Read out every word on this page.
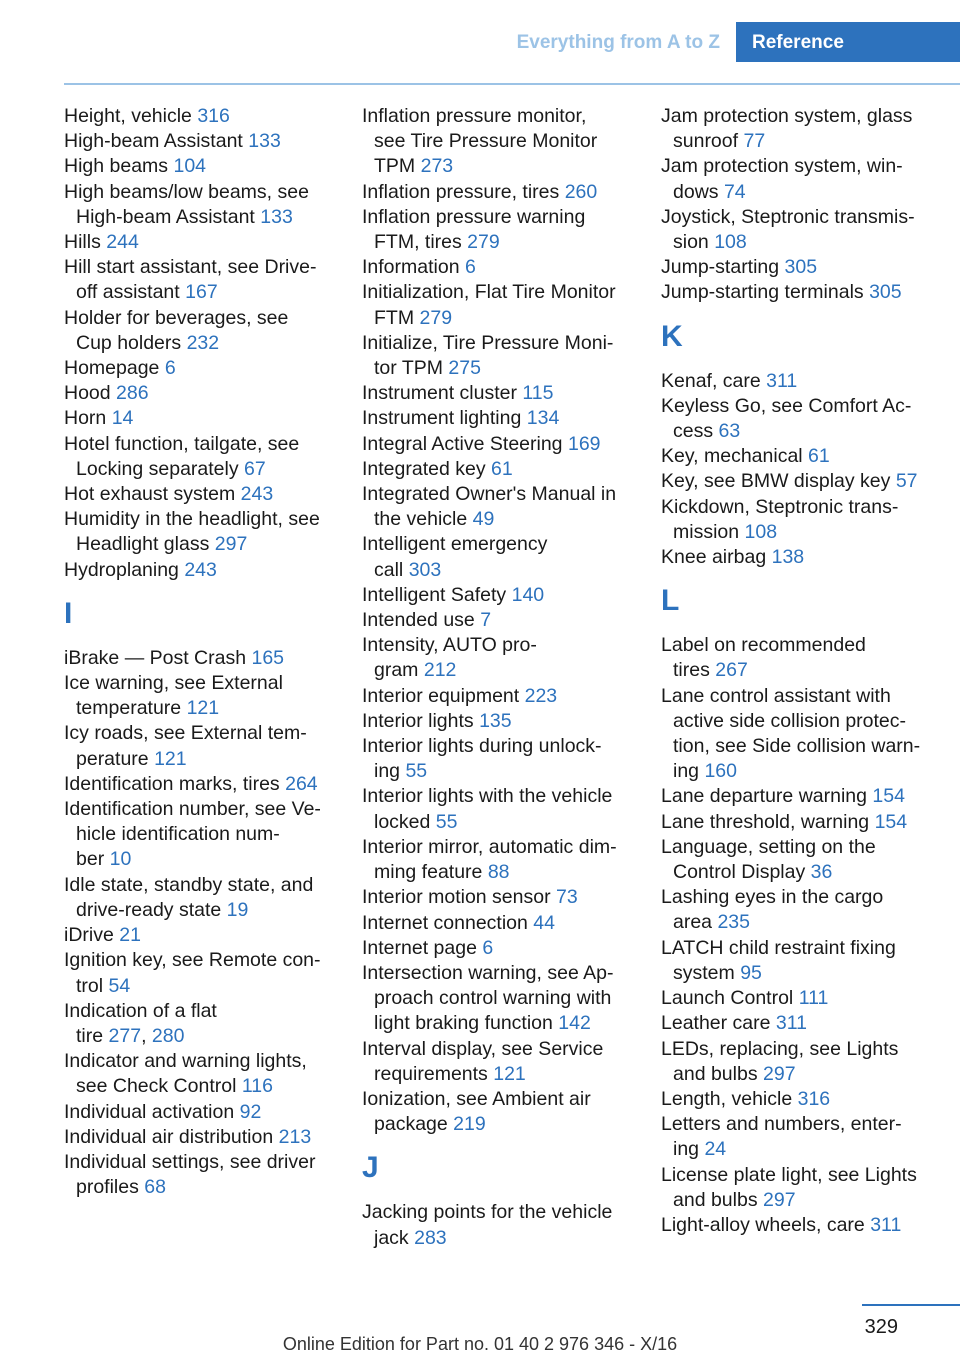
Everything from A to Z	Reference
Height, vehicle 316
High-beam Assistant 133
High beams 104
High beams/low beams, see
High-beam Assistant 133
Hills 244
Hill start assistant, see Drive-
off assistant 167
Holder for beverages, see
Cup holders 232
Homepage 6
Hood 286
Horn 14
Hotel function, tailgate, see
Locking separately 67
Hot exhaust system 243
Humidity in the headlight, see
Headlight glass 297
Hydroplaning 243
I
iBrake — Post Crash 165
Ice warning, see External
temperature 121
Icy roads, see External tem-
perature 121
Identification marks, tires 264
Identification number, see Ve-
hicle identification num-
ber 10
Idle state, standby state, and
drive-ready state 19
iDrive 21
Ignition key, see Remote con-
trol 54
Indication of a flat
tire 277, 280
Indicator and warning lights,
see Check Control 116
Individual activation 92
Individual air distribution 213
Individual settings, see driver
profiles 68
Inflation pressure monitor,
see Tire Pressure Monitor
TPM 273
Inflation pressure, tires 260
Inflation pressure warning
FTM, tires 279
Information 6
Initialization, Flat Tire Monitor
FTM 279
Initialize, Tire Pressure Moni-
tor TPM 275
Instrument cluster 115
Instrument lighting 134
Integral Active Steering 169
Integrated key 61
Integrated Owner's Manual in
the vehicle 49
Intelligent emergency
call 303
Intelligent Safety 140
Intended use 7
Intensity, AUTO pro-
gram 212
Interior equipment 223
Interior lights 135
Interior lights during unlock-
ing 55
Interior lights with the vehicle
locked 55
Interior mirror, automatic dim-
ming feature 88
Interior motion sensor 73
Internet connection 44
Internet page 6
Intersection warning, see Ap-
proach control warning with
light braking function 142
Interval display, see Service
requirements 121
Ionization, see Ambient air
package 219
J
Jacking points for the vehicle
jack 283
Jam protection system, glass
sunroof 77
Jam protection system, win-
dows 74
Joystick, Steptronic transmis-
sion 108
Jump-starting 305
Jump-starting terminals 305
K
Kenaf, care 311
Keyless Go, see Comfort Ac-
cess 63
Key, mechanical 61
Key, see BMW display key 57
Kickdown, Steptronic trans-
mission 108
Knee airbag 138
L
Label on recommended
tires 267
Lane control assistant with
active side collision protec-
tion, see Side collision warn-
ing 160
Lane departure warning 154
Lane threshold, warning 154
Language, setting on the
Control Display 36
Lashing eyes in the cargo
area 235
LATCH child restraint fixing
system 95
Launch Control 111
Leather care 311
LEDs, replacing, see Lights
and bulbs 297
Length, vehicle 316
Letters and numbers, enter-
ing 24
License plate light, see Lights
and bulbs 297
Light-alloy wheels, care 311
329
Online Edition for Part no. 01 40 2 976 346 - X/16
